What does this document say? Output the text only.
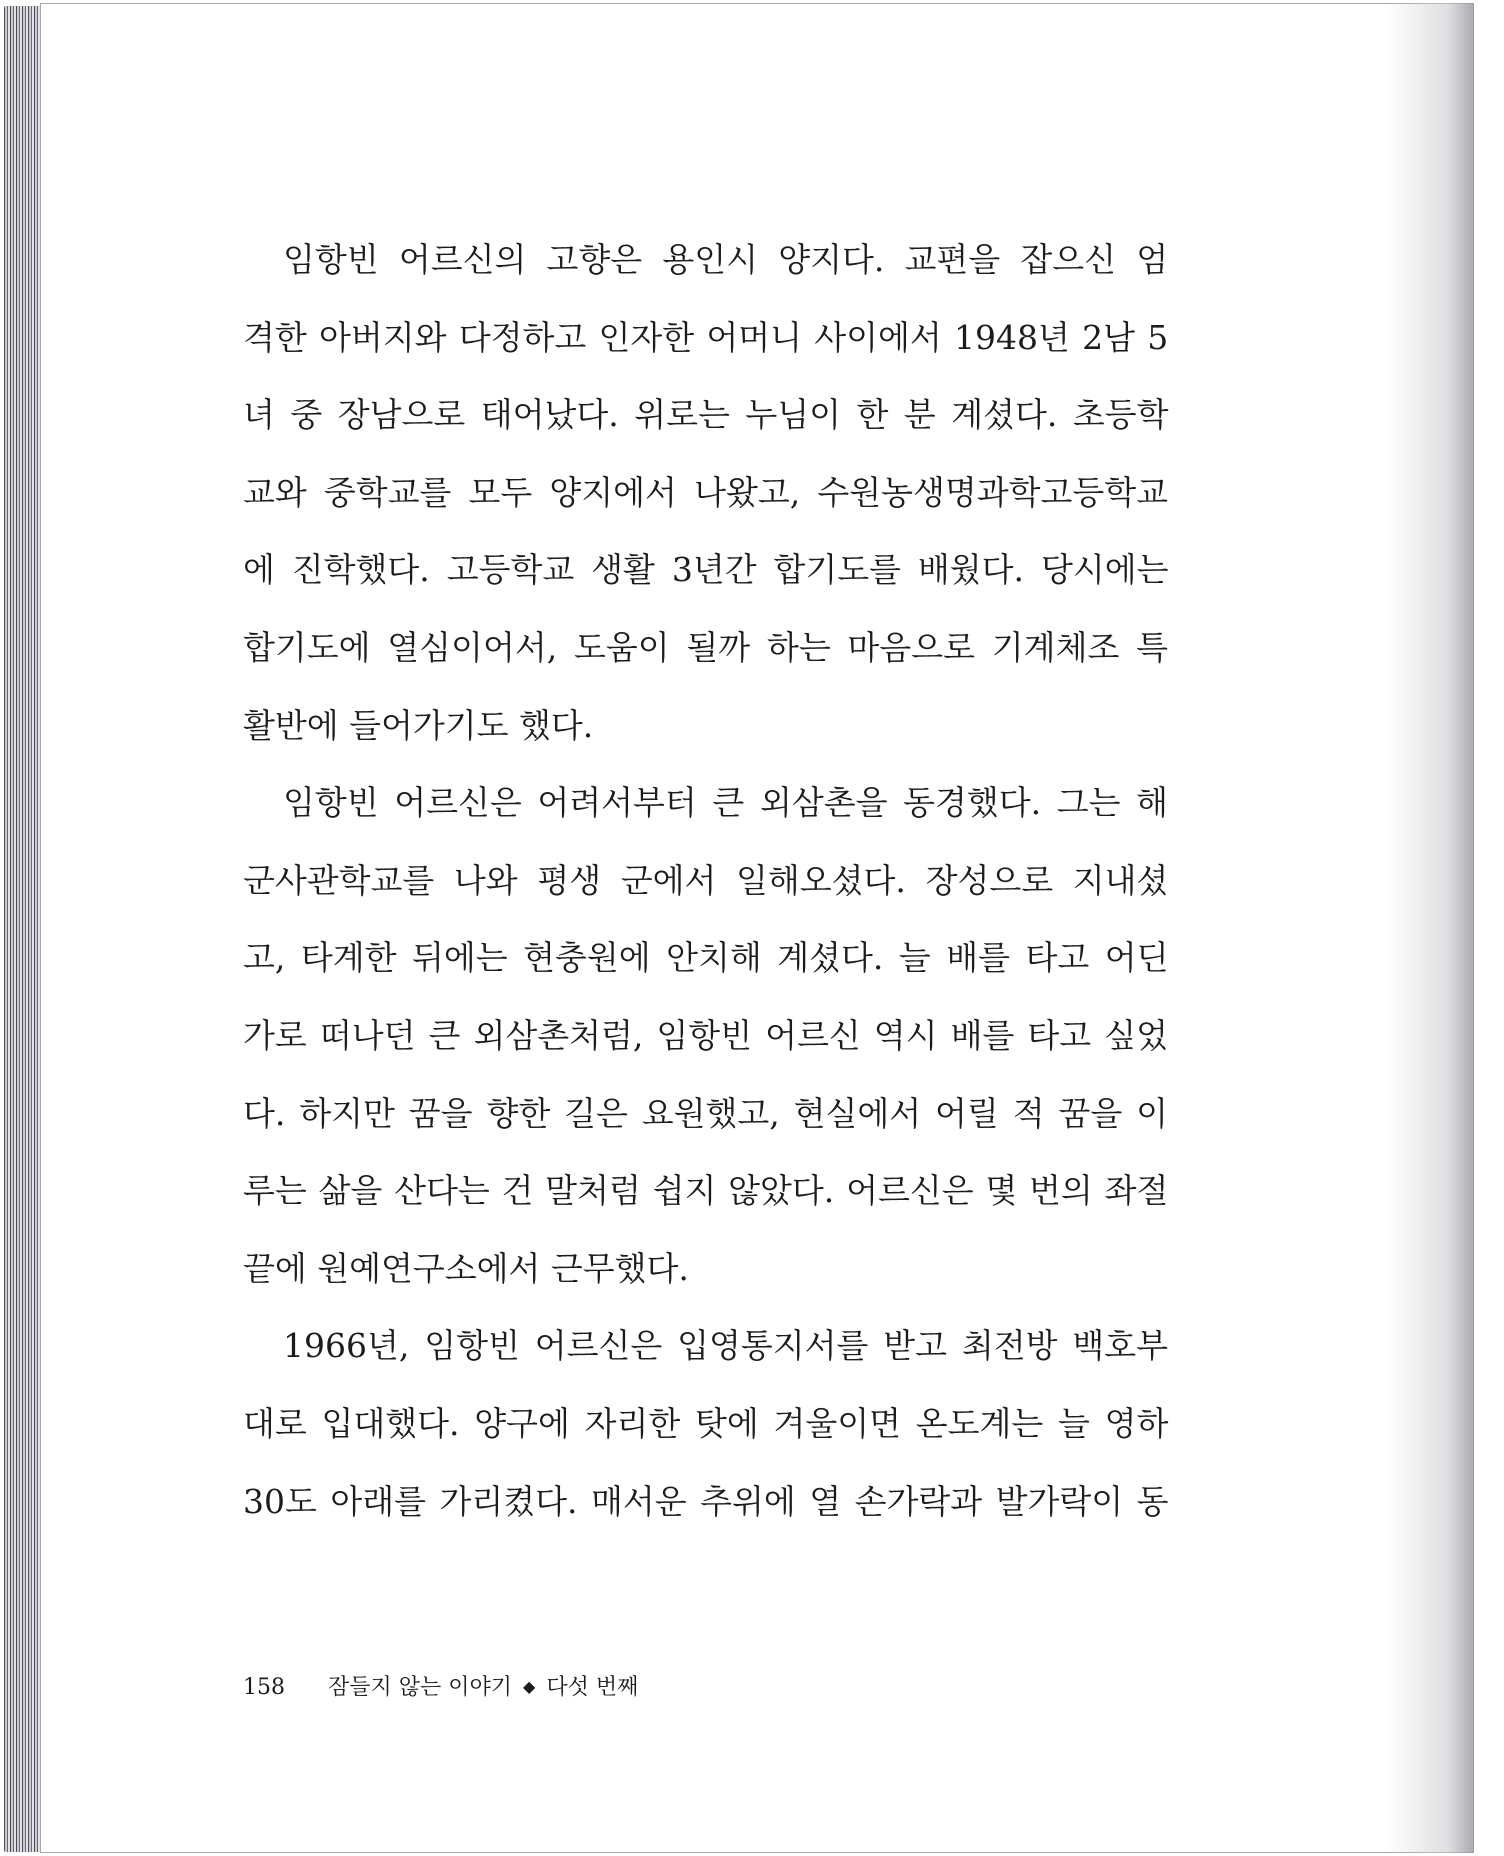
임항빈 어르신의 고향은 용인시 양지다. 교편을 잡으신 엄
격한 아버지와 다정하고 인자한 어머니 사이에서 1948년 2남 5
녀 중 장남으로 태어났다. 위로는 누님이 한 분 계셨다. 초등학
교와 중학교를 모두 양지에서 나왔고, 수원농생명과학고등학교
에 진학했다. 고등학교 생활 3년간 합기도를 배웠다. 당시에는
합기도에 열심이어서, 도움이 될까 하는 마음으로 기계체조 특
활반에 들어가기도 했다.
임항빈 어르신은 어려서부터 큰 외삼촌을 동경했다. 그는 해
군사관학교를 나와 평생 군에서 일해오셨다. 장성으로 지내셨
고, 타계한 뒤에는 현충원에 안치해 계셨다. 늘 배를 타고 어딘
가로 떠나던 큰 외삼촌처럼, 임항빈 어르신 역시 배를 타고 싶었
다. 하지만 꿈을 향한 길은 요원했고, 현실에서 어릴 적 꿈을 이
루는 삶을 산다는 건 말처럼 쉽지 않았다. 어르신은 몇 번의 좌절
끝에 원예연구소에서 근무했다.
1966년, 임항빈 어르신은 입영통지서를 받고 최전방 백호부
대로 입대했다. 양구에 자리한 탓에 겨울이면 온도계는 늘 영하
30도 아래를 가리켰다. 매서운 추위에 열 손가락과 발가락이 동
158 잠들지 않는 이야기 ◆ 다섯 번째
